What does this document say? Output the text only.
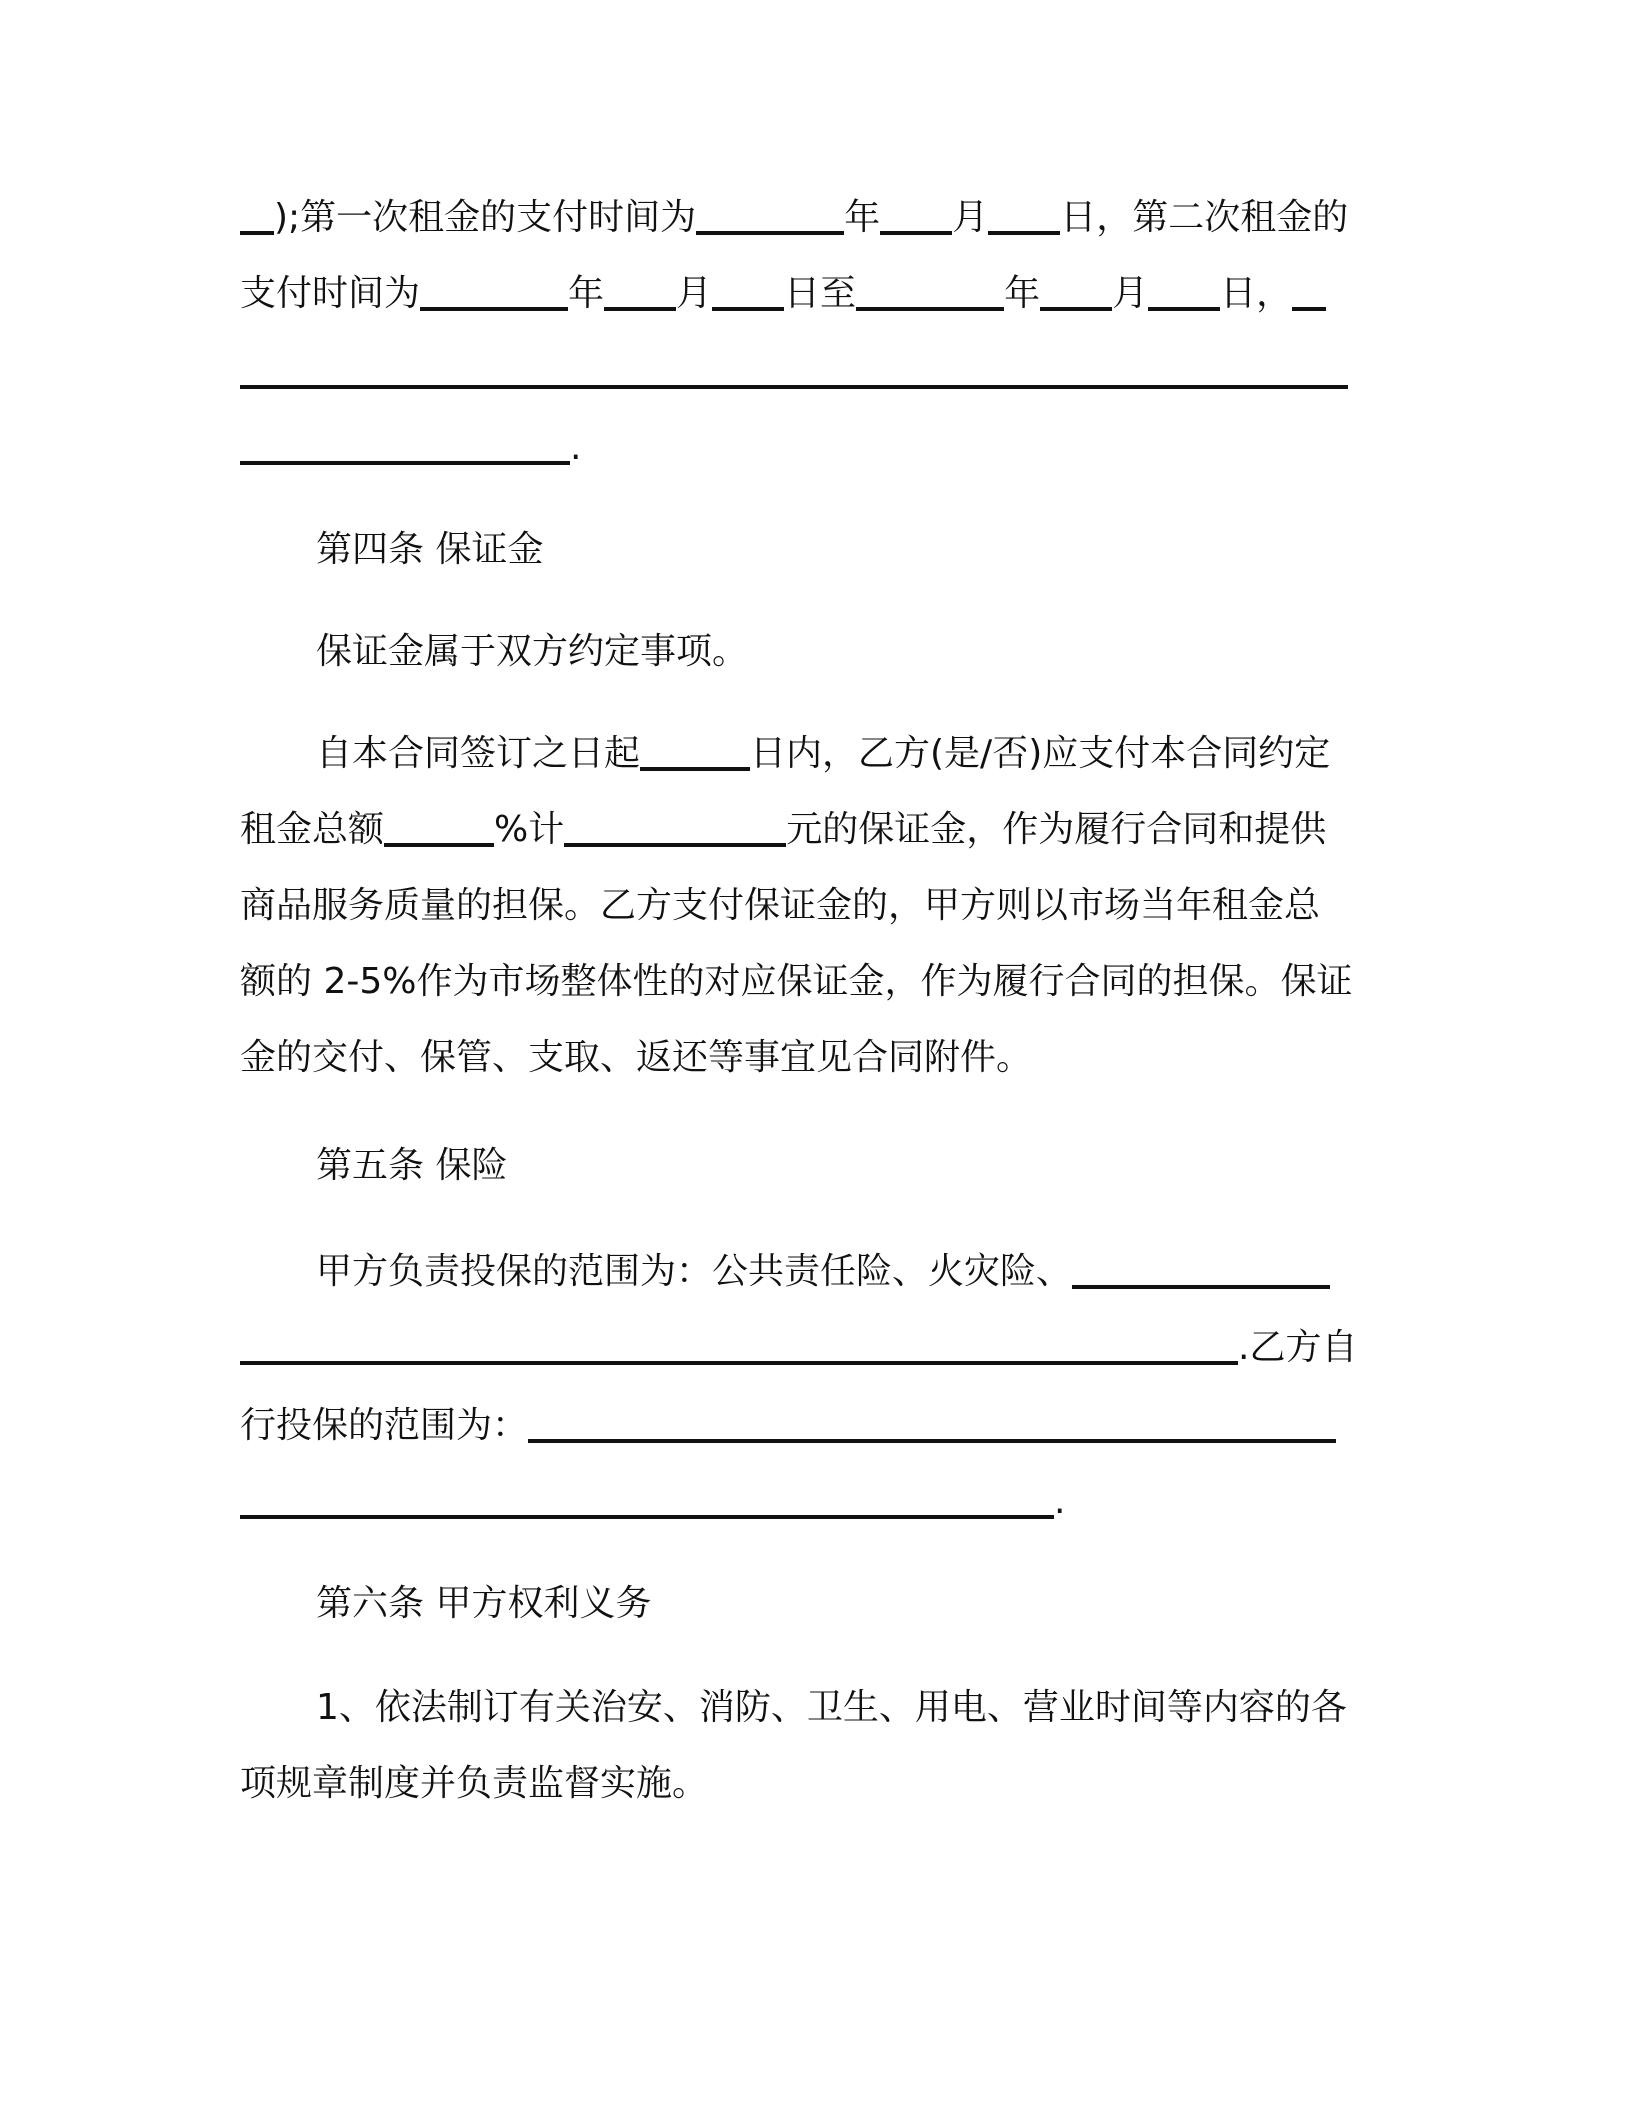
);第一次租金的支付时间为	年 月 日，第二次租金的
支付时间为	年 月 日至	年 月 日，
.
第四条 保证金
保证金属于双方约定事项。
自本合同签订之日起	日内，乙方(是/否)应支付本合同约定
租金总额	%计	元的保证金，作为履行合同和提供
商品服务质量的担保。乙方支付保证金的，甲方则以市场当年租金总
额的 2-5%作为市场整体性的对应保证金，作为履行合同的担保。保证
金的交付、保管、支取、返还等事宜见合同附件。
第五条 保险
甲方负责投保的范围为：公共责任险、火灾险、
.乙方自
行投保的范围为：
.
第六条 甲方权利义务
1、依法制订有关治安、消防、卫生、用电、营业时间等内容的各
项规章制度并负责监督实施。
